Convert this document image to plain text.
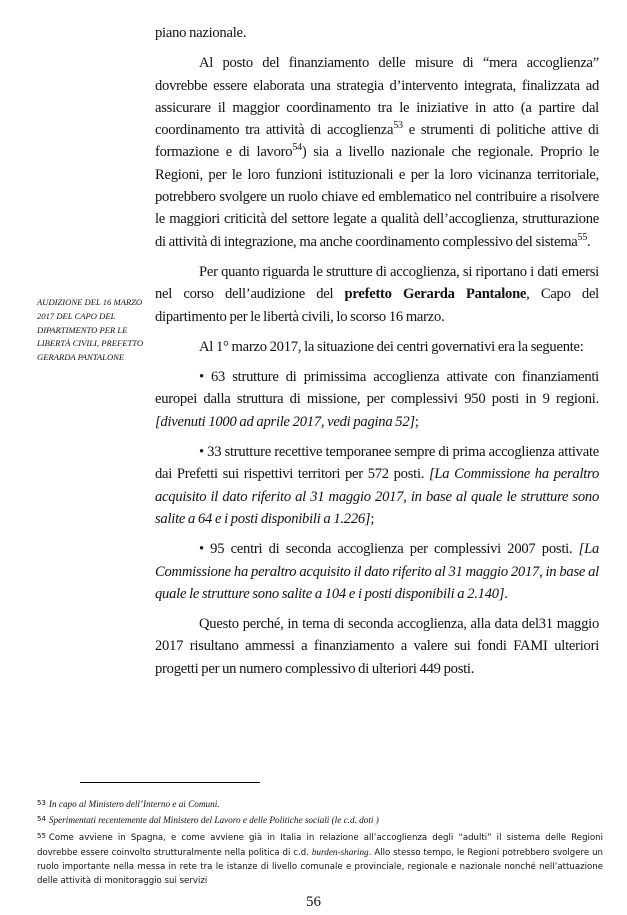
piano nazionale.

Al posto del finanziamento delle misure di “mera accoglienza” dovrebbe essere elaborata una strategia d’intervento integrata, finalizzata ad assicurare il maggior coordinamento tra le iniziative in atto (a partire dal coordinamento tra attività di accoglienza$^{53}$ e strumenti di politiche attive di formazione e di lavoro$^{54}$) sia a livello nazionale che regionale. Proprio le Regioni, per le loro funzioni istituzionali e per la loro vicinanza territoriale, potrebbero svolgere un ruolo chiave ed emblematico nel contribuire a risolvere le maggiori criticità del settore legate a qualità dell’accoglienza, strutturazione di attività di integrazione, ma anche coordinamento complessivo del sistema$^{55}$.

Per quanto riguarda le strutture di accoglienza, si riportano i dati emersi nel corso dell’audizione del prefetto Gerarda Pantalone, Capo del dipartimento per le libertà civili, lo scorso 16 marzo.

Al 1° marzo 2017, la situazione dei centri governativi era la seguente:

• 63 strutture di primissima accoglienza attivate con finanziamenti europei dalla struttura di missione, per complessivi 950 posti in 9 regioni. [divenuti 1000 ad aprile 2017, vedi pagina 52];

• 33 strutture recettive temporanee sempre di prima accoglienza attivate dai Prefetti sui rispettivi territori per 572 posti. [La Commissione ha peraltro acquisito il dato riferito al 31 maggio 2017, in base al quale le strutture sono salite a 64 e i posti disponibili a 1.226];

• 95 centri di seconda accoglienza per complessivi 2007 posti. [La Commissione ha peraltro acquisito il dato riferito al 31 maggio 2017, in base al quale le strutture sono salite a 104 e i posti disponibili a 2.140].

Questo perché, in tema di seconda accoglienza, alla data del31 maggio 2017 risultano ammessi a finanziamento a valere sui fondi FAMI ulteriori progetti per un numero complessivo di ulteriori 449 posti.

AUDIZIONE DEL 16 MARZO 2017 DEL CAPO DEL DIPARTIMENTO PER LE LIBERTÀ CIVILI, PREFETTO GERARDA PANTALONE
$^{53}$ In capo al Ministero dell’Interno e ai Comuni.
$^{54}$ Sperimentati recentemente dal Ministero del Lavoro e delle Politiche sociali (le c.d. doti )
$^{55}$ Come avviene in Spagna, e come avviene già in Italia in relazione all’accoglienza degli “adulti” il sistema delle Regioni dovrebbe essere coinvolto strutturalmente nella politica di c.d. burden-sharing. Allo stesso tempo, le Regioni potrebbero svolgere un ruolo importante nella messa in rete tra le istanze di livello comunale e provinciale, regionale e nazionale nonché nell’attuazione delle attività di monitoraggio sui servizi
56
